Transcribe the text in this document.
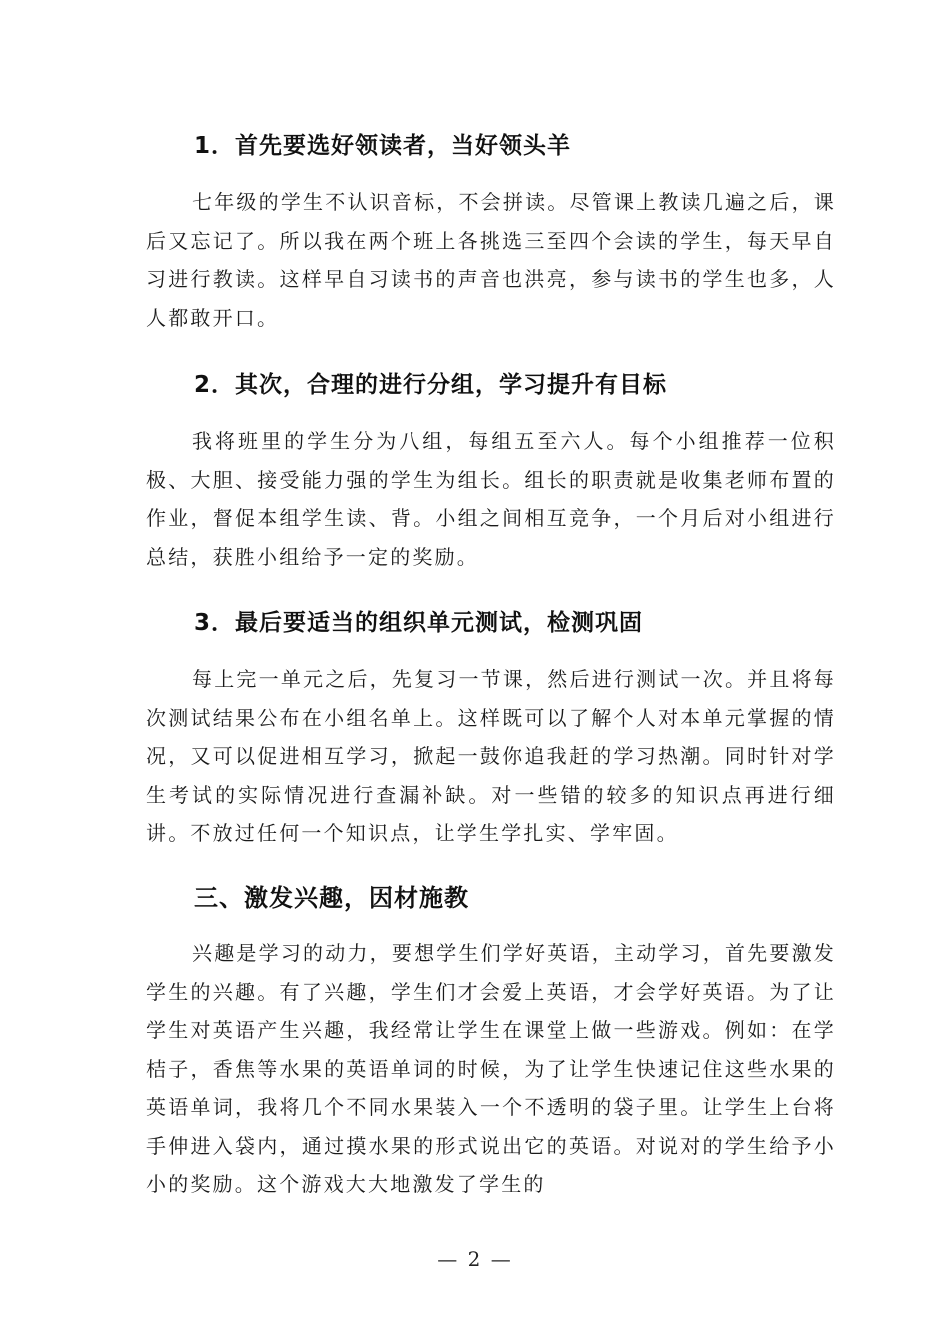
1．首先要选好领读者，当好领头羊

七年级的学生不认识音标，不会拼读。尽管课上教读几遍之后，课后又忘记了。所以我在两个班上各挑选三至四个会读的学生，每天早自习进行教读。这样早自习读书的声音也洪亮，参与读书的学生也多，人人都敢开口。

2．其次，合理的进行分组，学习提升有目标

我将班里的学生分为八组，每组五至六人。每个小组推荐一位积极、大胆、接受能力强的学生为组长。组长的职责就是收集老师布置的作业，督促本组学生读、背。小组之间相互竞争，一个月后对小组进行总结，获胜小组给予一定的奖励。

3．最后要适当的组织单元测试，检测巩固

每上完一单元之后，先复习一节课，然后进行测试一次。并且将每次测试结果公布在小组名单上。这样既可以了解个人对本单元掌握的情况，又可以促进相互学习，掀起一鼓你追我赶的学习热潮。同时针对学生考试的实际情况进行查漏补缺。对一些错的较多的知识点再进行细讲。不放过任何一个知识点，让学生学扎实、学牢固。

三、激发兴趣，因材施教

兴趣是学习的动力，要想学生们学好英语，主动学习，首先要激发学生的兴趣。有了兴趣，学生们才会爱上英语，才会学好英语。为了让学生对英语产生兴趣，我经常让学生在课堂上做一些游戏。例如：在学桔子，香焦等水果的英语单词的时候，为了让学生快速记住这些水果的英语单词，我将几个不同水果装入一个不透明的袋子里。让学生上台将手伸进入袋内，通过摸水果的形式说出它的英语。对说对的学生给予小小的奖励。这个游戏大大地激发了学生的

— 2 —
